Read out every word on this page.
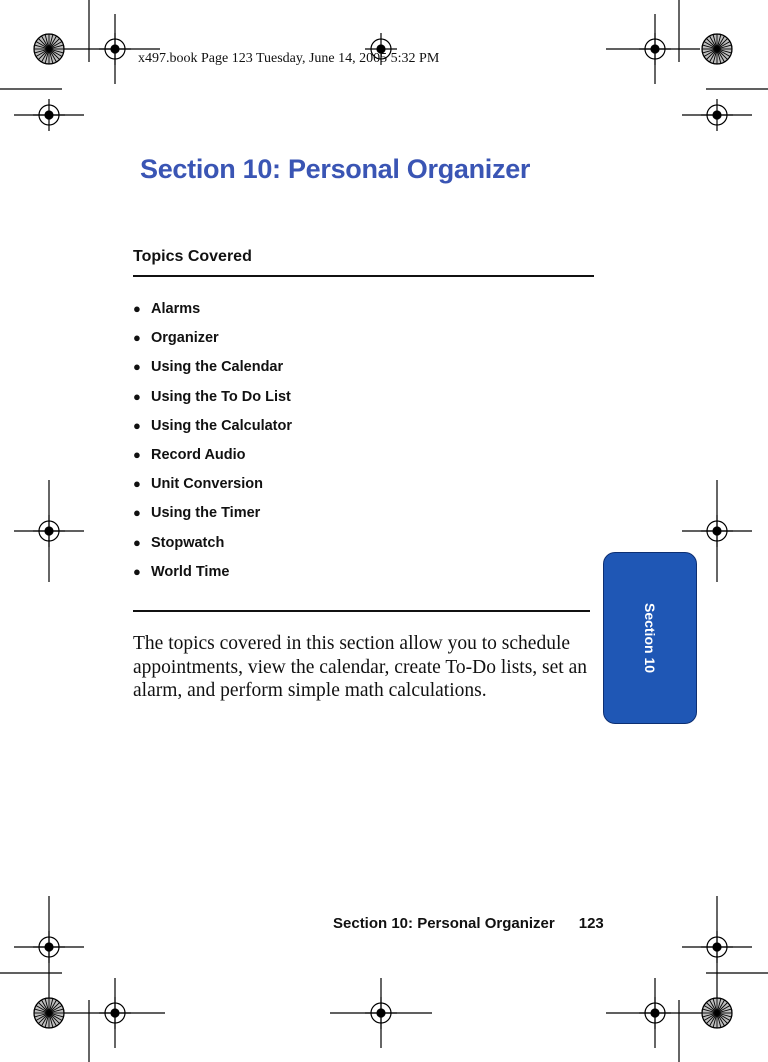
x497.book Page 123 Tuesday, June 14, 2005 5:32 PM
Section 10: Personal Organizer
Topics Covered
● Alarms
● Organizer
● Using the Calendar
● Using the To Do List
● Using the Calculator
● Record Audio
● Unit Conversion
● Using the Timer
● Stopwatch
● World Time

The topics covered in this section allow you to schedule appointments, view the calendar, create To-Do lists, set an alarm, and perform simple math calculations.

Section 10
Section 10: Personal Organizer 123
